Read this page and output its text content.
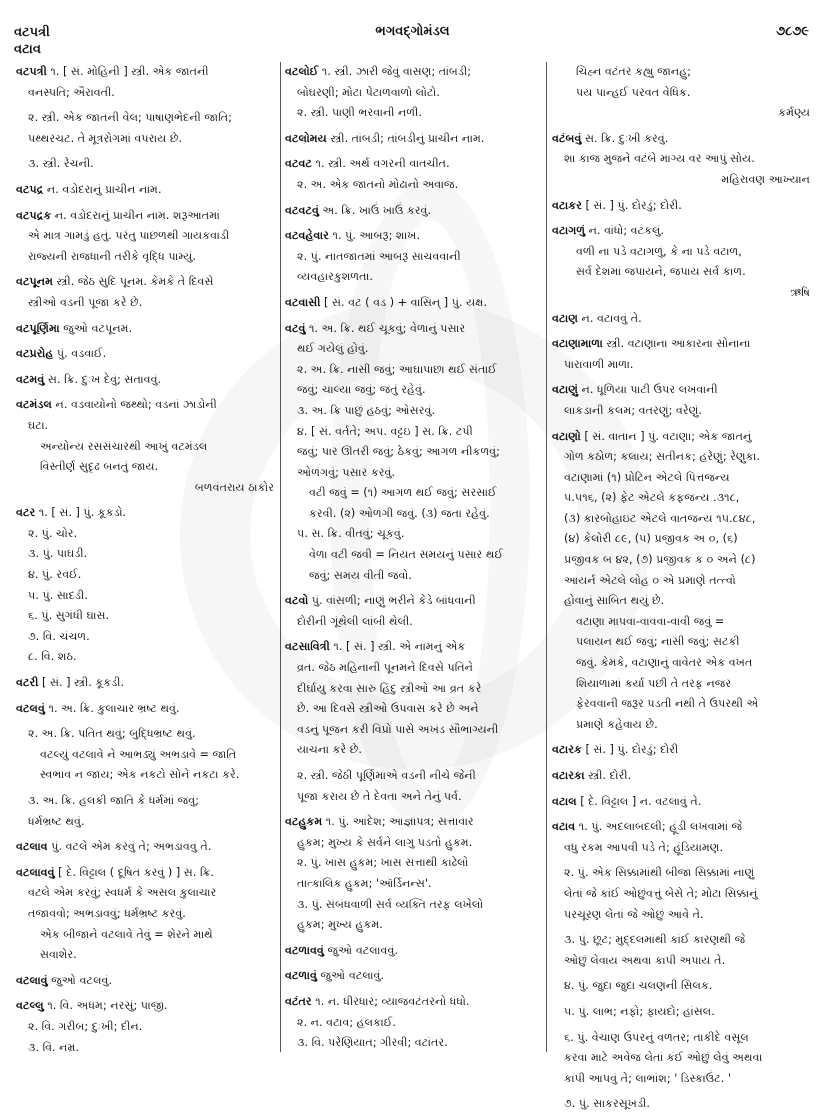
વટપત્રી
વટાવ
ભગવદ્ગોમંડલ	૭૮૭૯
વટપત્રી ૧. [ સં. મોહિની ] સ્ત્રી. એક જાતની
વનસ્પતિ; ઐરાવતી.
૨. સ્ત્રી. એક જાતની વેલ; પાષાણભેદની જાતિ;
પથ્થરચટ. તે મૂત્રરોગમાં વપરાય છે.
૩. સ્ત્રી. રેચની.
વટપદ્ર ન. વડોદરાનું પ્રાચીન નામ.
વટપદ્રક ન. વડોદરાનું પ્રાચીન નામ. શરૂઆતમાં
એ માત્ર ગામડું હતું. પરંતુ પાછળથી ગાયકવાડી
રાજ્યની રાજધાની તરીકે વૃદ્ધિ પામ્યું.
વટપૂનમ સ્ત્રી. જેઠ સુદિ પૂનમ. કેમકે તે દિવસે
સ્ત્રીઓ વડની પૂજા કરે છે.
વટપૂર્ણિમા જુઓ વટપૂનમ.
વટપ્રરોહ પું. વડવાઈ.
વટમવું સ. ક્રિ. દુઃખ દેવું; સતાવવું.
વટમંડલ ન. વડવાયોનો જથ્થો; વડનાં ઝાડોની
ઘટા.
અન્યોન્ય રસસંચારથી આખું વટમંડલ
વિસ્તીર્ણ સુદૃઢ બનતું જાય.
બળવંતરાય ઠાકોર
વટર ૧. [ સં. ] પું. કૂકડો.
૨. પું. ચોર.
૩. પું. પાઘડી.
૪. પું. રવઈ.
૫. પું. સાદડી.
૬. પું. સુગંધી ઘાસ.
૭. વિ. ચંચળ.
૮. વિ. શઠ.
વટરી [ સં. ] સ્ત્રી. કૂકડી.
વટલવું ૧. અ. ક્રિ. કુલાચાર ભ્રષ્ટ થવું.
૨. અ. ક્રિ. પતિત થવું; બુદ્ધિભ્રષ્ટ થવું.
વટલ્યું વટલાવે ને આભડ્યું અભડાવે = જાતિ
સ્વભાવ ન જાય; એક નકટો સોને નકટા કરે.
૩. અ. ક્રિ. હલકી જાતિ કે ધર્મમાં જવું;
ધર્મભ્રષ્ટ થવું.
વટલાવ પું. વટલે એમ કરવું તે; અભડાવવું તે.
વટલાવવું [ દે. વિટ્ટાલ ( દૂષિત કરવું ) ] સ. ક્રિ.
વટલે એમ કરવું; સ્વધર્મ કે અસલ કુલાચાર
તજાવવો; અભડાવવું; ધર્મભ્રષ્ટ કરવું.
એક બીજાને વટલાવે તેવું = શેરને માથે
સવાશેર.
વટલાવું જુઓ વટલવું.
વટલ્લુ ૧. વિ. અધમ; નરસું; પાજી.
૨. વિ. ગરીબ; દુઃખી; દીન.
૩. વિ. નમ્ર.
વટલોઈ ૧. સ્ત્રી. ઝારી જેવું વાસણ; તાંબડી;
બોઘરણી; મોટા પેટાળવાળો લોટો.
૨. સ્ત્રી. પાણી ભરવાની નળી.
વટલોમય સ્ત્રી. તાંબડી; તાંબડીનું પ્રાચીન નામ.
વટવટ ૧. સ્ત્રી. અર્થ વગરની વાતચીત.
૨. અ. એક જાતનો મોઢાનો અવાજ.
વટવટવું અ. ક્રિ. ખાઉં ખાઉં કરવું.
વટવહેવાર ૧. પું. આબરૂ; શાખ.
૨. પું. નાતજાતમાં આબરૂ સાચવવાની
વ્યવહારકુશળતા.
વટવાસી [ સં. વટ ( વડ ) + વાસિન્ ] પું. યક્ષ.
વટવું ૧. અ. ક્રિ. થઈ ચૂકવું; વેળાનું પસાર
થઈ ગયેલું હોવું.
૨. અ. ક્રિ. નાસી જવું; આઘાપાછા થઈ સંતાઈ
જવું; ચાલ્યા જવું; જતું રહેવું.
૩. અ. ક્રિ પાછું હઠવું; ઓસરવું.
૪. [ સં. વર્તતે; અપ. વટ્ટઇ ] સ. ક્રિ. ટપી
જવું; પાર ઊતરી જવું; ઠેકવું; આગળ નીકળવું;
ઓળંગવું; પસાર કરવું.
વટી જવું = (૧) આગળ થઈ જવું; સરસાઈ
કરવી. (૨) ઓળંગી જવું. (૩) જતા રહેવું.
૫. સ. ક્રિ. વીતવું; ચૂકવું.
વેળા વટી જવી = નિયત સમયનું પસાર થઈ
જવું; સમય વીતી જવો.
વટવો પું. વાંસળી; નાણું ભરીને કેડે બાંધવાની
દોરીની ગૂંથેલી લાંબી થેલી.
વટસાવિત્રી ૧. [ સં. ] સ્ત્રી. એ નામનું એક
વ્રત. જેઠ મહિનાની પૂનમને દિવસે પતિને
દીર્ઘાયુ કરવા સારુ હિંદુ સ્ત્રીઓ આ વ્રત કરે
છે. આ દિવસે સ્ત્રીઓ ઉપવાસ કરે છે અને
વડનું પૂજન કરી વિપ્રો પાસે અખંડ સૌભાગ્યની
યાચના કરે છે.
૨. સ્ત્રી. જેઠી પૂર્ણિમાએ વડની નીચે જેની
પૂજા કરાય છે તે દેવતા અને તેનું પર્વ.
વટહુકમ ૧. પું. આદેશ; આજ્ઞાપત્ર; સત્તાવાર
હુકમ; મુખ્ય કે સર્વને લાગુ પડતો હુકમ.
૨. પું. ખાસ હુકમ; ખાસ સત્તાથી કાઢેલો
તાત્કાલિક હુકમ; 'ઑર્ડિનન્સ'.
૩. પું. સંબંધવાળી સર્વ વ્યક્તિ તરફ લખેલો
હુકમ; મુખ્ય હુકમ.
વટળાવવું જુઓ વટલાવવું.
વટળાવું જુઓ વટલાવું.
વટંતર ૧. ન. ધીરધાર; વ્યાજવટંતરનો ધંધો.
૨. ન. વટાવ; હલકાઈ.
૩. વિ. પરેણિયાત; ગીરવી; વટાંતર.
ચિહ્ન વટંતર કહ્યુ જાનહુ;
પય પાન્હઈ પરવત વેધિક.
કર્મણ્ય
વટંબવું સ. ક્રિ. દુઃખી કરવું.
શા કાજ મુજને વટંબે માગ્ય વર આપું સોય.
મહિરાવણ આખ્યાન
વટાકર [ સં. ] પું. દોરડું; દોરી.
વટાગળું ન. વાંધો; વટકલું.
વળી ના પડે વટાગળું, કે ના પડે વટાળ,
સર્વ દેશમાં જપાયને, જપાય સર્વ કાળ.
ઋષિ
વટાણ ન. વટાવવું તે.
વટાણામાળા સ્ત્રી. વટાણાના આકારના સોનાના
પારાવાળી માળા.
વટાણું ન. ધૂળિયા પાટી ઉપર લખવાની
લાકડાની કલમ; વતરણું; વરેણું.
વટાણો [ સં. વાતાન ] પું. વટાણા; એક જાતનું
ગોળ કઠોળ; કલાય; સતીનક; હરેણું; રેણુકા.
વટાણામાં (૧) પ્રોટિન એટલે પિત્તજન્ય
૫.૫૧૬, (૨) ફેટ એટલે કફજન્ય .૩૧૮,
(૩) કારબોહાઇટ એટલે વાતજન્ય ૧૫.૮૪૮,
(૪) કેલોરી ૮૯, (૫) પ્રજીવક અ ૦, (૬)
પ્રજીવક બ ૪૨, (૭) પ્રજીવક ક ૦ અને (૮)
આયર્ન એટલે લોહ ૦ એ પ્રમાણે તત્ત્વો
હોવાનું સાબિત થયું છે.
વટાણા માપવા-વાવવા-વાવી જવું =
પલાયન થઈ જવું; નાસી જવું; સટકી
જવું. કેમકે, વટાણાનું વાવેતર એક વખત
શિયાળામાં કર્યા પછી તે તરફ નજર
ફેરવવાની જરૂર પડતી નથી તે ઉપરથી એ
પ્રમાણે કહેવાય છે.
વટારક [ સં. ] પું. દોરડું; દોરી
વટારકા સ્ત્રી. દોરી.
વટાલ [ દે. વિટ્ટાલ ] ન. વટલાવું તે.
વટાવ ૧. પું. અદલાબદલી; હૂંડી લખવામાં જે
વધુ રકમ આપવી પડે તે; હૂંડિયામણ.
૨. પું. એક સિક્કામાંથી બીજા સિક્કામાં નાણું
લેતાં જે કાંઈ ઓછુંવત્તું બેસે તે; મોટા સિક્કાનું
પરચૂરણ લેતાં જે ઓછું આવે તે.
૩. પું. છૂટ; મુદ્દલમાંથી કાંઈ કારણથી જે
ઓછું લેવાય અથવા કાપી અપાય તે.
૪. પું. જુદા જુદા ચલણની સિલક.
૫. પું. લાભ; નફો; ફાયદો; હાંસલ.
૬. પું. વેચાણ ઉપરનું વળતર; તાકીદે વસૂલ
કરવા માટે અવેજ લેતાં કંઈ ઓછું લેવું અથવા
કાપી આપવું તે; લાભાંશ; ' ડિસ્કાઉંટ. '
૭. પું. સાકરસૂખડી.
